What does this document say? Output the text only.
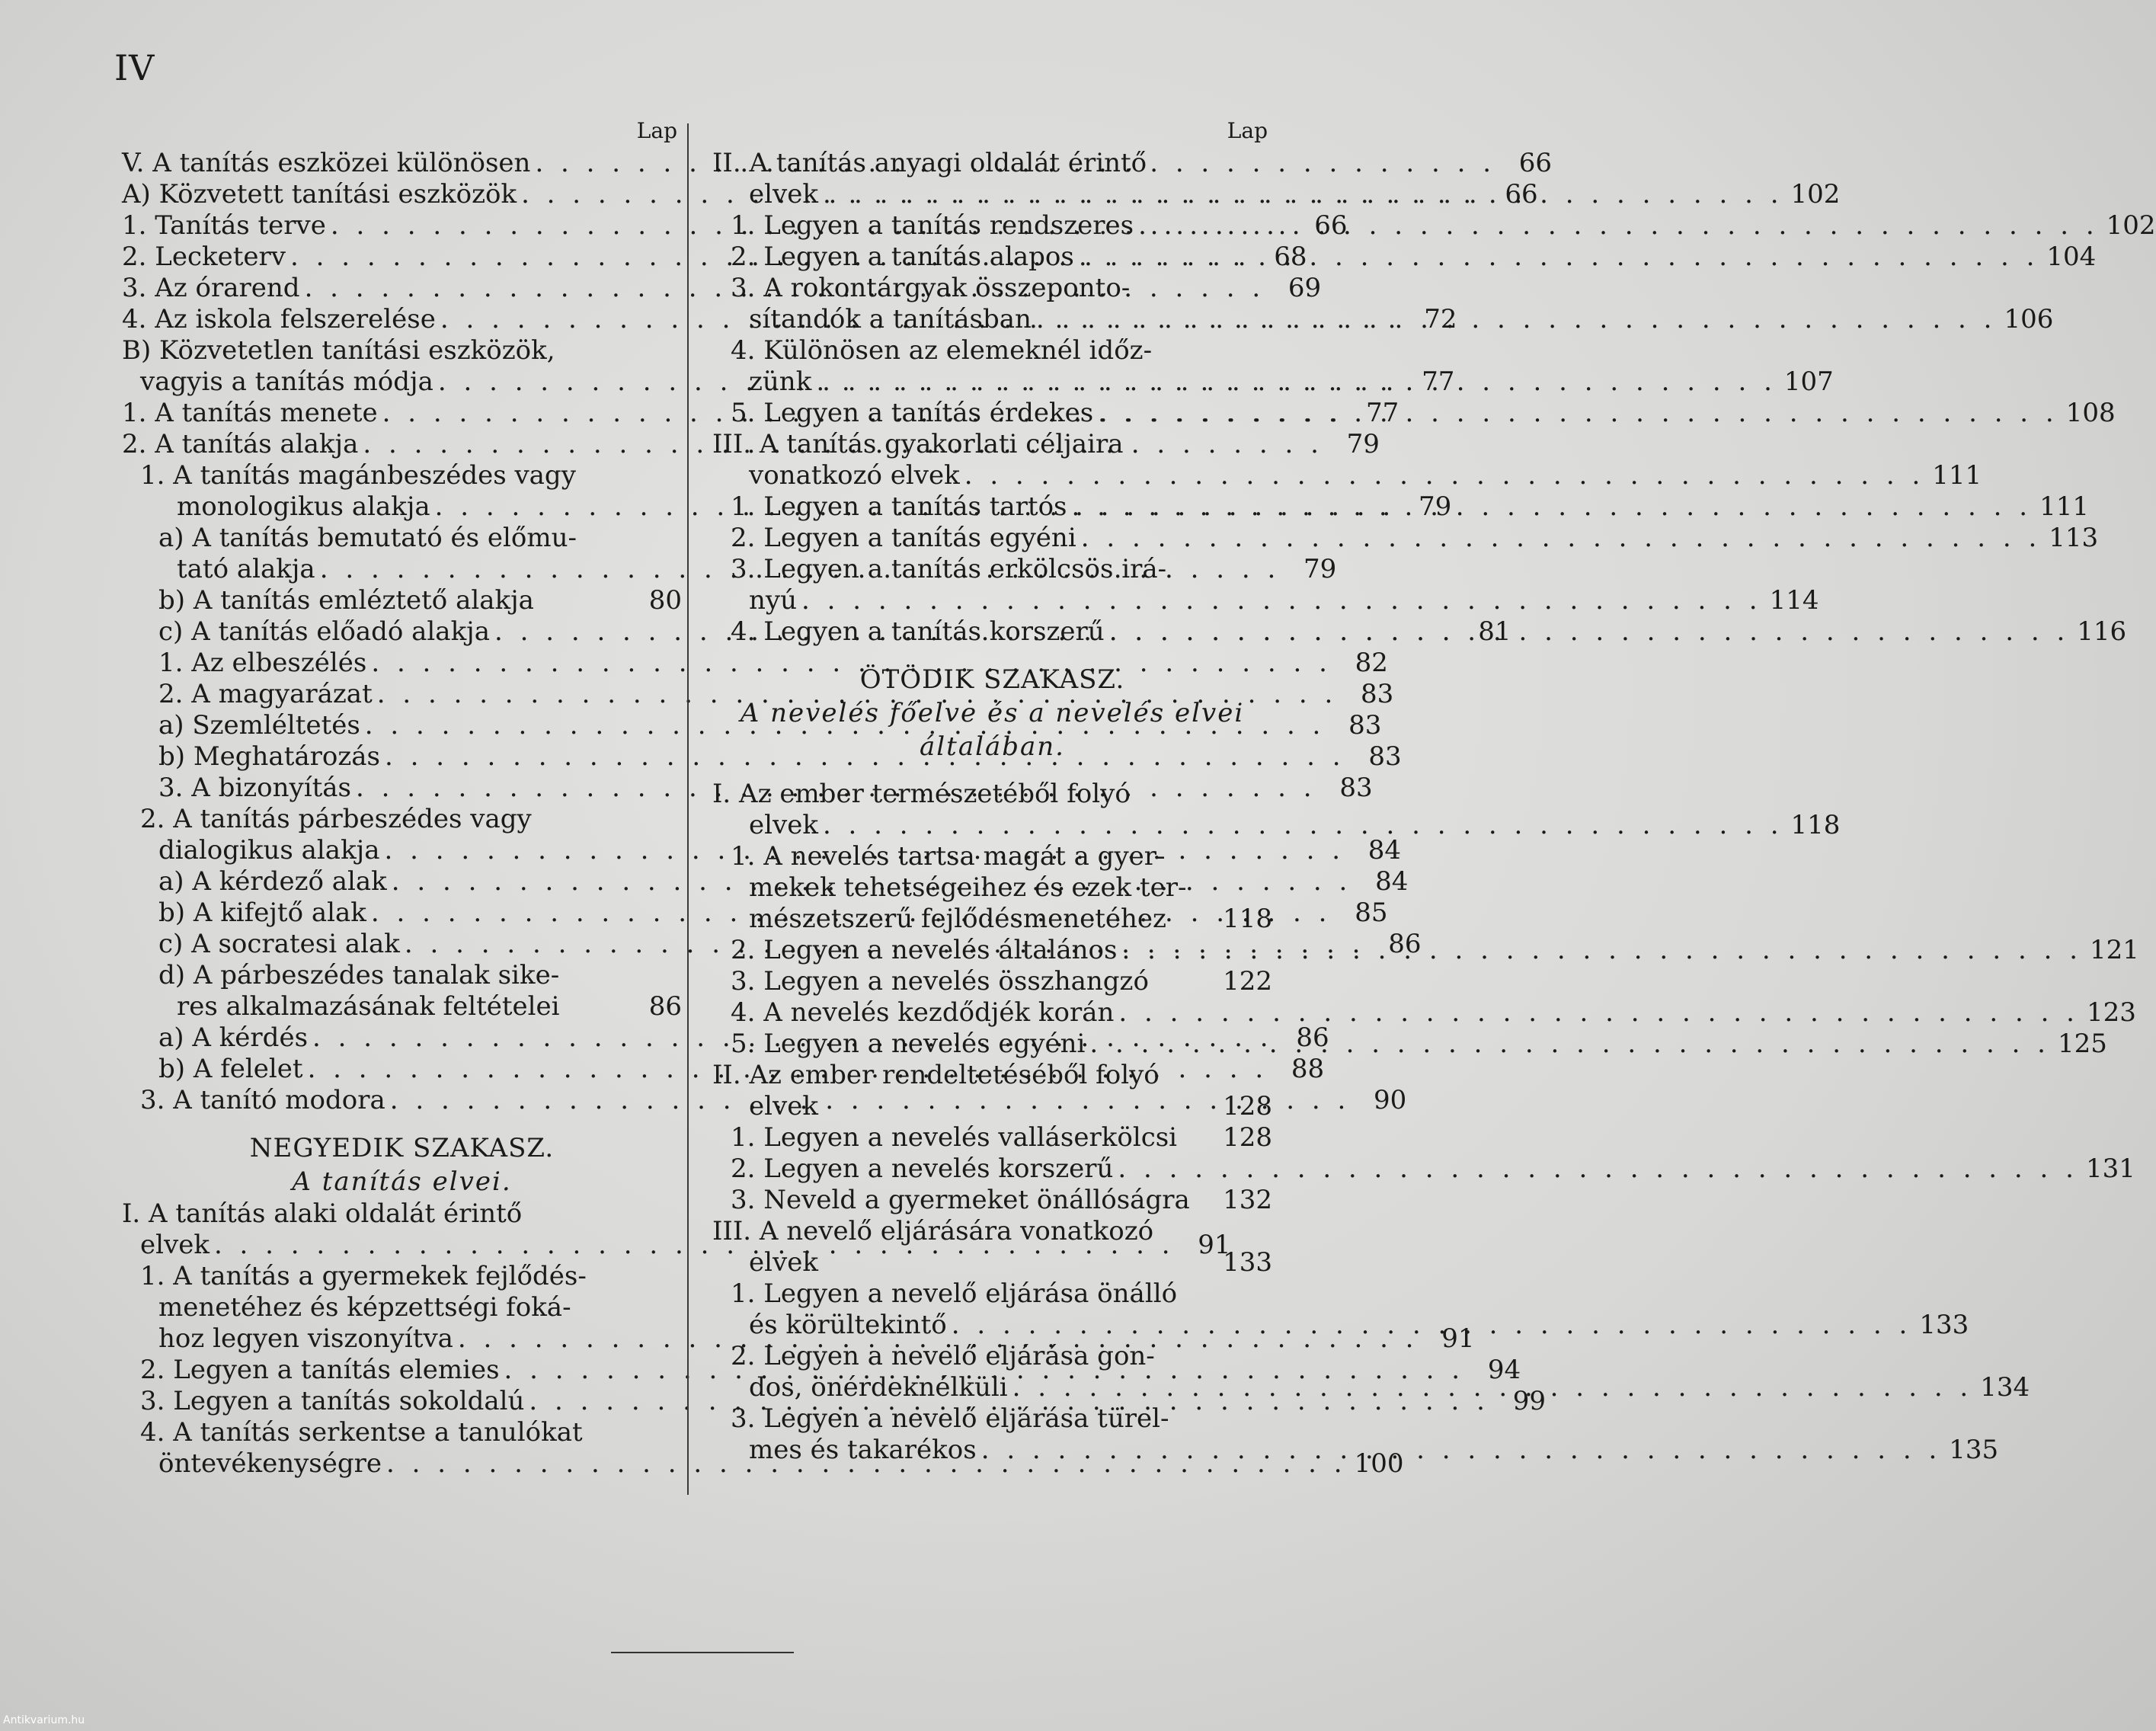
IV
Lap
V. A tanítás eszközei különösen . . .	66
A) Közvetett tanítási eszközök . . .	66
1. Tanítás terve . . .	66
2. Lecketerv . . .	68
3. Az órarend . . .	69
4. Az iskola felszerelése . . .	72
B) Közvetetlen tanítási eszközök,
vagyis a tanítás módja . . .	77
1. A tanítás menete . . .	77
2. A tanítás alakja . . .	79
1. A tanítás magánbeszédes vagy
monologikus alakja . . .	79
a) A tanítás bemutató és előmu-
tató alakja . . .	79
b) A tanítás emléztető alakja	80
c) A tanítás előadó alakja . . .	81
1. Az elbeszélés . . .	82
2. A magyarázat . . .	83
a) Szemléltetés . . .	83
b) Meghatározás . . .	83
3. A bizonyítás . . .	83
2. A tanítás párbeszédes vagy
dialogikus alakja . . .	84
a) A kérdező alak . . .	84
b) A kifejtő alak . . .	85
c) A socratesi alak . . .	86
d) A párbeszédes tanalak sike-
res alkalmazásának feltételei	86
a) A kérdés . . .	86
b) A felelet . . .	88
3. A tanító modora . . .	90
NEGYEDIK SZAKASZ.
A tanítás elvei.
I. A tanítás alaki oldalát érintő
elvek . . .	91
1. A tanítás a gyermekek fejlődés-
menetéhez és képzettségi foká-
hoz legyen viszonyítva . . .	91
2. Legyen a tanítás elemies . . .	94
3. Legyen a tanítás sokoldalú . . .	99
4. A tanítás serkentse a tanulókat
öntevékenységre . . .	100
Lap
II. A tanítás anyagi oldalát érintő
elvek . . .	102
1. Legyen a tanítás rendszeres . . .	102
2. Legyen a tanítás alapos . . .	104
3. A rokontárgyak összeponto-
sítandók a tanításban . . .	106
4. Különösen az elemeknél időz-
zünk . . .	107
5. Legyen a tanítás érdekes . . .	108
III. A tanítás gyakorlati céljaira
vonatkozó elvek . . .	111
1. Legyen a tanítás tartós . . .	111
2. Legyen a tanítás egyéni . . .	113
3. Legyen a tanítás erkölcsös irá-
nyú . . .	114
4. Legyen a tanítás korszerű . . .	116
ÖTÖDIK SZAKASZ.
A nevelés főelve és a nevelés elvei
általában.
I. Az ember természetéből folyó
elvek . . .	118
1. A nevelés tartsa magát a gyer-
mekek tehetségeihez és ezek ter-
mészetszerű fejlődésmenetéhez 118
2. Legyen a nevelés általános . . .	121
3. Legyen a nevelés összhangzó	122
4. A nevelés kezdődjék korán . . .	123
5. Legyen a nevelés egyéni . . .	125
II. Az ember rendeltetéséből folyó
elvek	128
1. Legyen a nevelés valláserkölcsi 128
2. Legyen a nevelés korszerű . . .	131
3. Neveld a gyermeket önállóságra 132
III. A nevelő eljárására vonatkozó
elvek	133
1. Legyen a nevelő eljárása önálló
és körültekintő . . .	133
2. Legyen a nevelő eljárása gon-
dos, önérdeknélküli . . .	134
3. Legyen a nevelő eljárása türel-
mes és takarékos . . .	135
Antikvarium.hu
